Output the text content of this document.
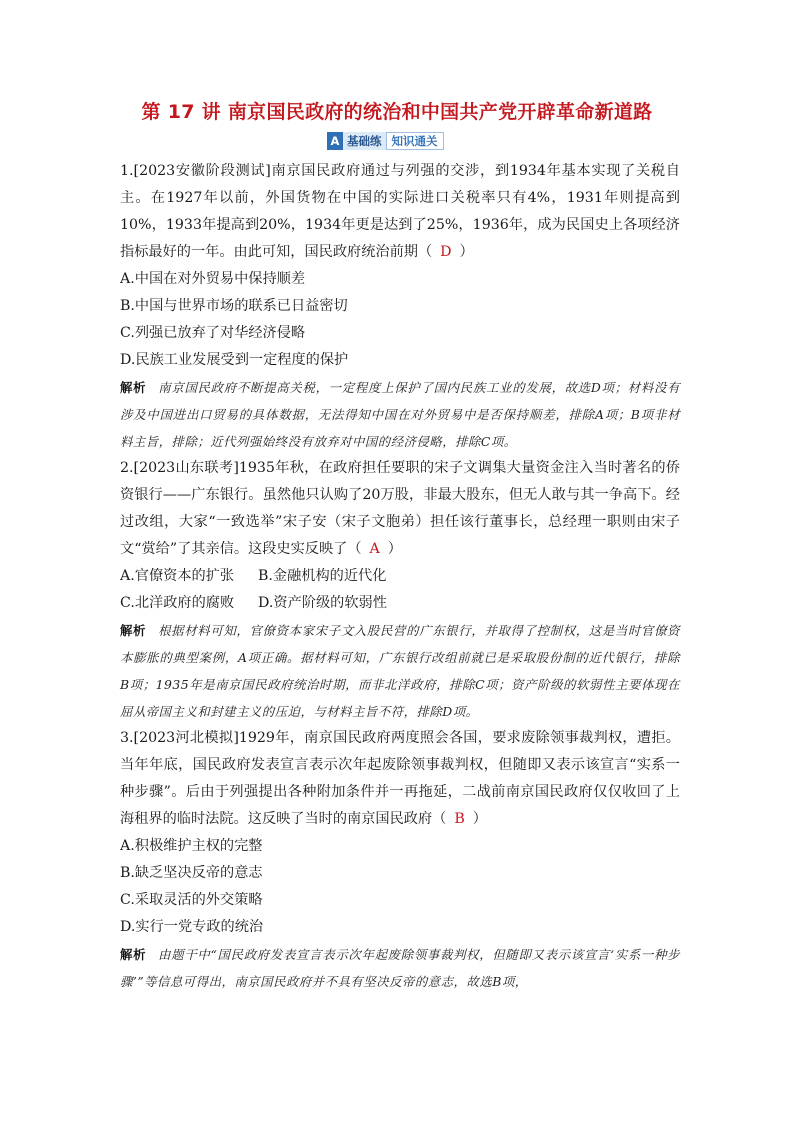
第 17 讲 南京国民政府的统治和中国共产党开辟革命新道路
A 基础练 知识通关

1.[2023安徽阶段测试]南京国民政府通过与列强的交涉，到1934年基本实现了关税自主。在1927年以前，外国货物在中国的实际进口关税率只有4%，1931年则提高到10%，1933年提高到20%，1934年更是达到了25%，1936年，成为民国史上各项经济指标最好的一年。由此可知，国民政府统治前期（ D ）

A.中国在对外贸易中保持顺差

B.中国与世界市场的联系已日益密切

C.列强已放弃了对华经济侵略

D.民族工业发展受到一定程度的保护

解析 南京国民政府不断提高关税，一定程度上保护了国内民族工业的发展，故选D项；材料没有涉及中国进出口贸易的具体数据，无法得知中国在对外贸易中是否保持顺差，排除A项；B项非材料主旨，排除；近代列强始终没有放弃对中国的经济侵略，排除C项。

2.[2023山东联考]1935年秋，在政府担任要职的宋子文调集大量资金注入当时著名的侨资银行——广东银行。虽然他只认购了20万股，非最大股东，但无人敢与其一争高下。经过改组，大家“一致选举”宋子安（宋子文胞弟）担任该行董事长，总经理一职则由宋子文“赏给”了其亲信。这段史实反映了（ A ）

A.官僚资本的扩张	B.金融机构的近代化
C.北洋政府的腐败	D.资产阶级的软弱性

解析 根据材料可知，官僚资本家宋子文入股民营的广东银行，并取得了控制权，这是当时官僚资本膨胀的典型案例，A项正确。据材料可知，广东银行改组前就已是采取股份制的近代银行，排除B项；1935年是南京国民政府统治时期，而非北洋政府，排除C项；资产阶级的软弱性主要体现在屈从帝国主义和封建主义的压迫，与材料主旨不符，排除D项。

3.[2023河北模拟]1929年，南京国民政府两度照会各国，要求废除领事裁判权，遭拒。当年年底，国民政府发表宣言表示次年起废除领事裁判权，但随即又表示该宣言“实系一种步骤”。后由于列强提出各种附加条件并一再拖延，二战前南京国民政府仅仅收回了上海租界的临时法院。这反映了当时的南京国民政府（ B ）

A.积极维护主权的完整

B.缺乏坚决反帝的意志

C.采取灵活的外交策略

D.实行一党专政的统治

解析 由题干中“国民政府发表宣言表示次年起废除领事裁判权，但随即又表示该宣言‘实系一种步骤’”等信息可得出，南京国民政府并不具有坚决反帝的意志，故选B项，
